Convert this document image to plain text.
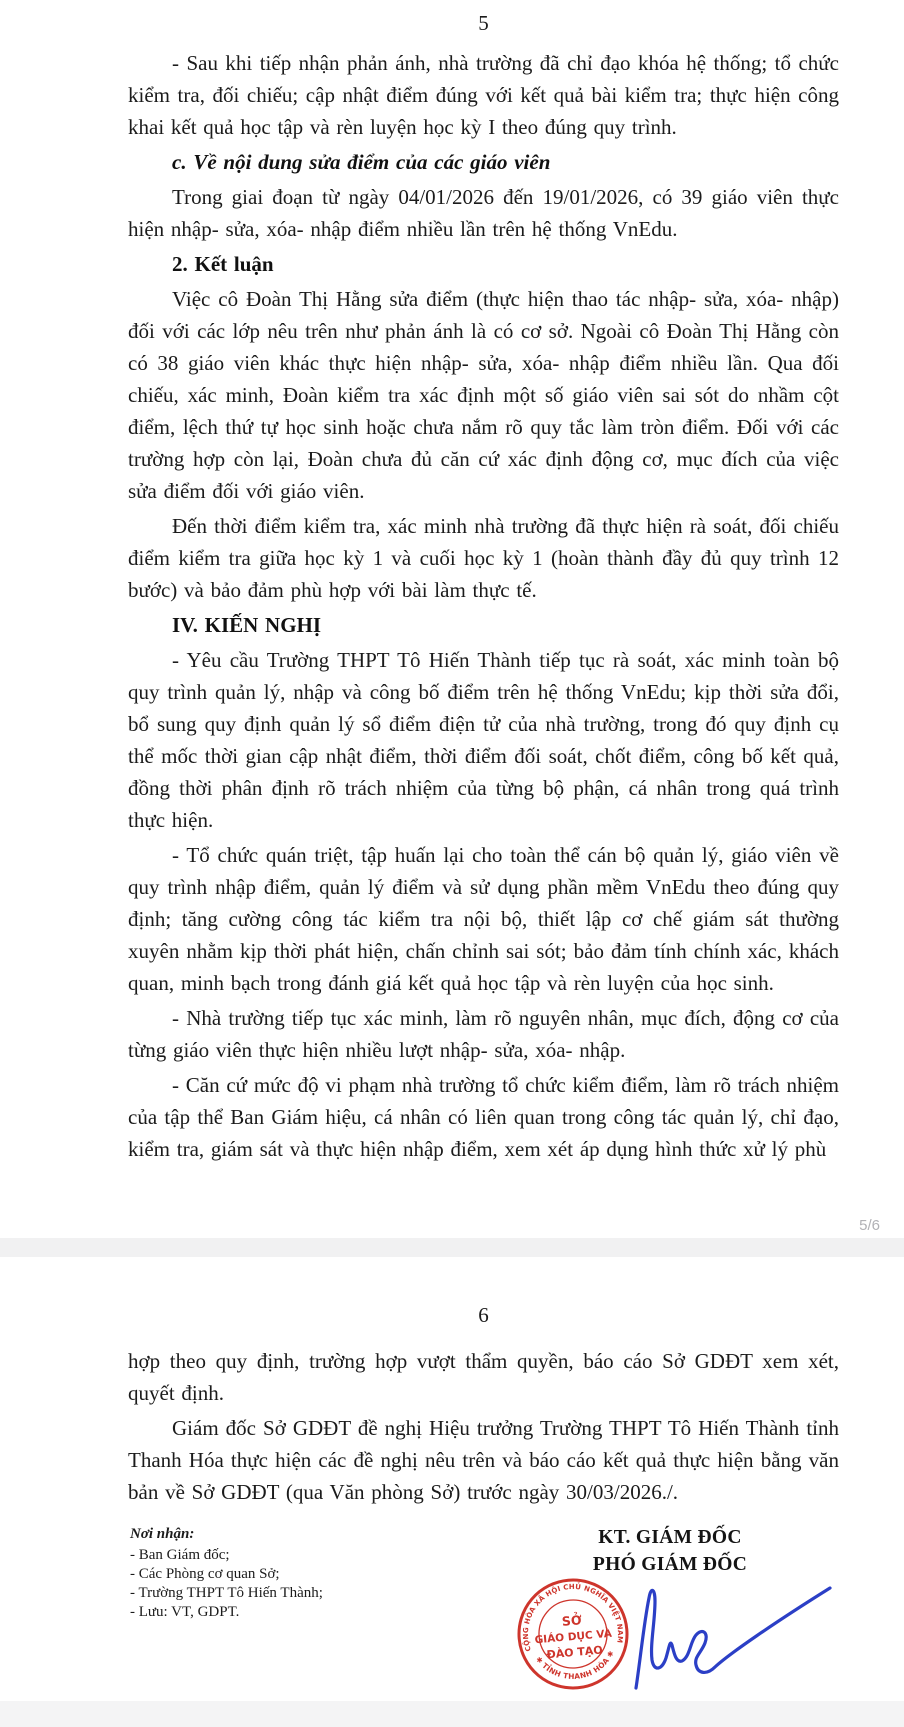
5

- Sau khi tiếp nhận phản ánh, nhà trường đã chỉ đạo khóa hệ thống; tổ chức kiểm tra, đối chiếu; cập nhật điểm đúng với kết quả bài kiểm tra; thực hiện công khai kết quả học tập và rèn luyện học kỳ I theo đúng quy trình.

c. Về nội dung sửa điểm của các giáo viên

Trong giai đoạn từ ngày 04/01/2026 đến 19/01/2026, có 39 giáo viên thực hiện nhập- sửa, xóa- nhập điểm nhiều lần trên hệ thống VnEdu.

2. Kết luận

Việc cô Đoàn Thị Hằng sửa điểm (thực hiện thao tác nhập- sửa, xóa- nhập) đối với các lớp nêu trên như phản ánh là có cơ sở. Ngoài cô Đoàn Thị Hằng còn có 38 giáo viên khác thực hiện nhập- sửa, xóa- nhập điểm nhiều lần. Qua đối chiếu, xác minh, Đoàn kiểm tra xác định một số giáo viên sai sót do nhầm cột điểm, lệch thứ tự học sinh hoặc chưa nắm rõ quy tắc làm tròn điểm. Đối với các trường hợp còn lại, Đoàn chưa đủ căn cứ xác định động cơ, mục đích của việc sửa điểm đối với giáo viên.

Đến thời điểm kiểm tra, xác minh nhà trường đã thực hiện rà soát, đối chiếu điểm kiểm tra giữa học kỳ 1 và cuối học kỳ 1 (hoàn thành đầy đủ quy trình 12 bước) và bảo đảm phù hợp với bài làm thực tế.

IV. KIẾN NGHỊ

- Yêu cầu Trường THPT Tô Hiến Thành tiếp tục rà soát, xác minh toàn bộ quy trình quản lý, nhập và công bố điểm trên hệ thống VnEdu; kịp thời sửa đổi, bổ sung quy định quản lý sổ điểm điện tử của nhà trường, trong đó quy định cụ thể mốc thời gian cập nhật điểm, thời điểm đối soát, chốt điểm, công bố kết quả, đồng thời phân định rõ trách nhiệm của từng bộ phận, cá nhân trong quá trình thực hiện.

- Tổ chức quán triệt, tập huấn lại cho toàn thể cán bộ quản lý, giáo viên về quy trình nhập điểm, quản lý điểm và sử dụng phần mềm VnEdu theo đúng quy định; tăng cường công tác kiểm tra nội bộ, thiết lập cơ chế giám sát thường xuyên nhằm kịp thời phát hiện, chấn chỉnh sai sót; bảo đảm tính chính xác, khách quan, minh bạch trong đánh giá kết quả học tập và rèn luyện của học sinh.

- Nhà trường tiếp tục xác minh, làm rõ nguyên nhân, mục đích, động cơ của từng giáo viên thực hiện nhiều lượt nhập- sửa, xóa- nhập.

- Căn cứ mức độ vi phạm nhà trường tổ chức kiểm điểm, làm rõ trách nhiệm của tập thể Ban Giám hiệu, cá nhân có liên quan trong công tác quản lý, chỉ đạo, kiểm tra, giám sát và thực hiện nhập điểm, xem xét áp dụng hình thức xử lý phù

5/6
6

hợp theo quy định, trường hợp vượt thẩm quyền, báo cáo Sở GDĐT xem xét, quyết định.

Giám đốc Sở GDĐT đề nghị Hiệu trưởng Trường THPT Tô Hiến Thành tỉnh Thanh Hóa thực hiện các đề nghị nêu trên và báo cáo kết quả thực hiện bằng văn bản về Sở GDĐT (qua Văn phòng Sở) trước ngày 30/03/2026./.

Nơi nhận:
- Ban Giám đốc;
- Các Phòng cơ quan Sở;
- Trường THPT Tô Hiến Thành;
- Lưu: VT, GDPT.
KT. GIÁM ĐỐC
PHÓ GIÁM ĐỐC
CỘNG HÒA XÃ HỘI CHỦ NGHĨA VIỆT NAM
✱ TỈNH THANH HÓA ✱
SỞ
GIÁO DỤC VÀ
ĐÀO TẠO
